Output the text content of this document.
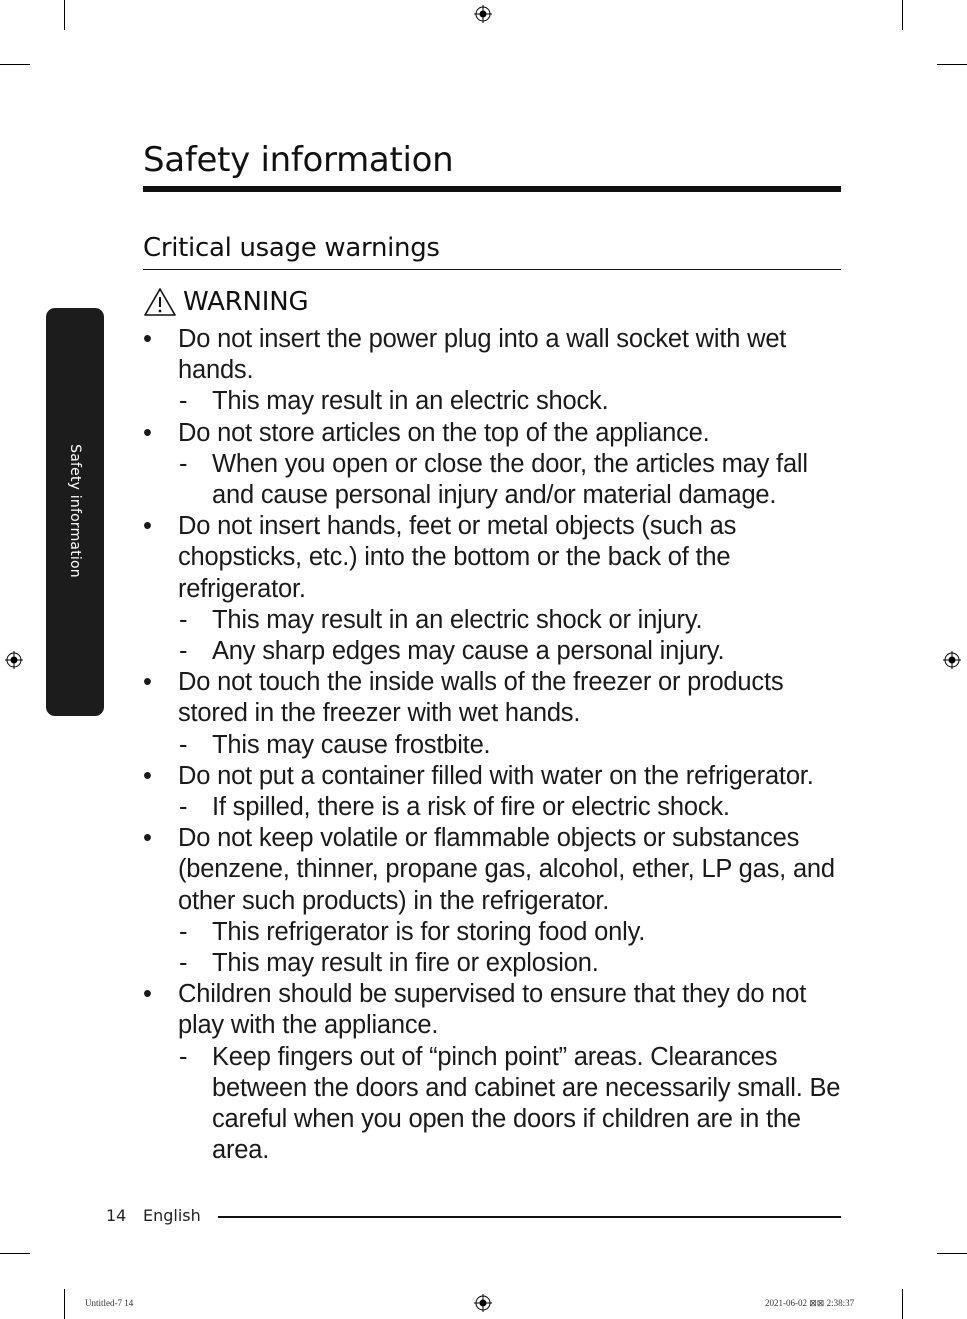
Safety information
Safety information
Critical usage warnings
WARNING
•	Do not insert the power plug into a wall socket with wet hands.
- This may result in an electric shock.
•	Do not store articles on the top of the appliance.
- When you open or close the door, the articles may fall and cause personal injury and/or material damage.
•	Do not insert hands, feet or metal objects (such as chopsticks, etc.) into the bottom or the back of the refrigerator.
- This may result in an electric shock or injury.
- Any sharp edges may cause a personal injury.
•	Do not touch the inside walls of the freezer or products stored in the freezer with wet hands.
- This may cause frostbite.
•	Do not put a container filled with water on the refrigerator.
- If spilled, there is a risk of fire or electric shock.
•	Do not keep volatile or flammable objects or substances (benzene, thinner, propane gas, alcohol, ether, LP gas, and other such products) in the refrigerator.
- This refrigerator is for storing food only.
- This may result in fire or explosion.
•	Children should be supervised to ensure that they do not play with the appliance.
- Keep fingers out of “pinch point” areas. Clearances between the doors and cabinet are necessarily small. Be careful when you open the doors if children are in the area.
14 English
Untitled-7 14	2021-06-02 ⊠⊠ 2:38:37
